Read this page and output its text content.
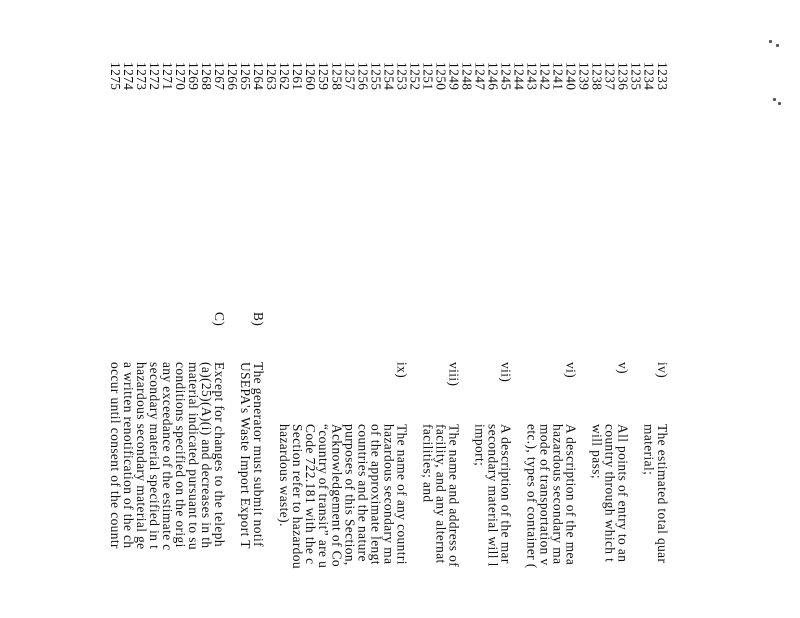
1233
1234
1235
1236
1237
1238
1239
1240
1241
1242
1243
1244
1245
1246
1247
1248
1249
1250
1251
1252
1253
1254
1255
1256
1257
1258
1259
1260
1261
1262
1263
1264
1265
1266
1267
1268
1269
1270
1271
1272
1273
1274
1275
iv)
The estimated total quar
material;
v)
All points of entry to an
country through which t
will pass;
vi)
A description of the mea
hazardous secondary ma
mode of transportation v
etc.), types of container (
vii)
A description of the mar
secondary material will l
import;
viii)
The name and address of
facility, and any alternat
facilities; and
ix)
The name of any countri
hazardous secondary ma
of the approximate lengt
countries and the nature
purposes of this Section,
Acknowledgement of Co
“country of transit” are u
Code 722.181 with the c
Section refer to hazardou
hazardous waste).
B)
The generator must submit notif
USEPA's Waste Import Export T
C)
Except for changes to the teleph
(a)(25)(A)(i) and decreases in th
material indicated pursuant to su
conditions specified on the origi
any exceedance of the estimate c
secondary material specified in t
hazardous secondary material ge
a written renotification of the ch
occur until consent of the countr
